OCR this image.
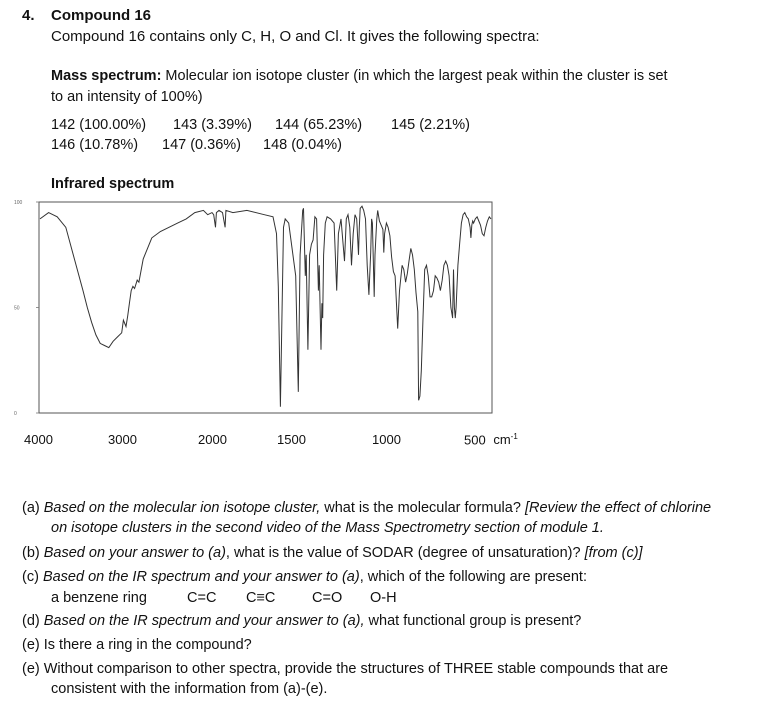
4. Compound 16
Compound 16 contains only C, H, O and Cl. It gives the following spectra:
Mass spectrum: Molecular ion isotope cluster (in which the largest peak within the cluster is set
to an intensity of 100%)
142 (100.00%) 143 (3.39%) 144 (65.23%) 145 (2.21%)
146 (10.78%) 147 (0.36%) 148 (0.04%)
Infrared spectrum
100
50
0
4000	3000	2000	1500	1000	500 $cm^{-1}$
(a) Based on the molecular ion isotope cluster, what is the molecular formula? [Review the effect of chlorine
on isotope clusters in the second video of the Mass Spectrometry section of module 1.
(b) Based on your answer to (a), what is the value of SODAR (degree of unsaturation)? [from (c)]
(c) Based on the IR spectrum and your answer to (a), which of the following are present:
a benzene ring	C=C C≡C	C=O O-H
(d) Based on the IR spectrum and your answer to (a), what functional group is present?
(e) Is there a ring in the compound?
(e) Without comparison to other spectra, provide the structures of THREE stable compounds that are
consistent with the information from (a)-(e).
